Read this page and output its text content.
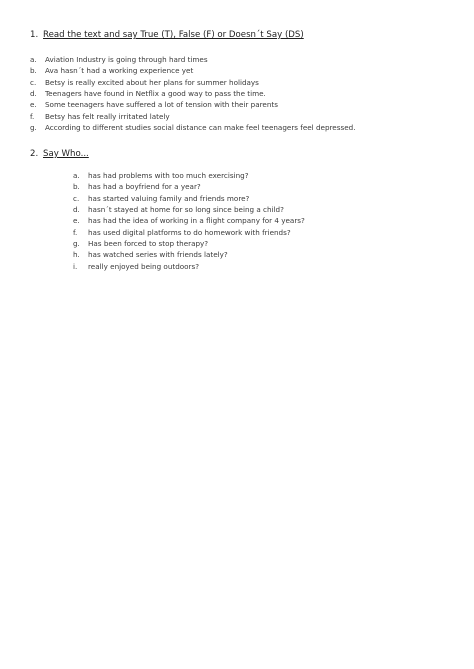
1. Read the text and say True (T), False (F) or Doesn´t Say (DS)
a. Aviation Industry is going through hard times
b. Ava hasn´t had a working experience yet
c. Betsy is really excited about her plans for summer holidays
d. Teenagers have found in Netflix a good way to pass the time.
e. Some teenagers have suffered a lot of tension with their parents
f. Betsy has felt really irritated lately
g. According to different studies social distance can make feel teenagers feel depressed.
2. Say Who...
a. has had problems with too much exercising?
b. has had a boyfriend for a year?
c. has started valuing family and friends more?
d. hasn´t stayed at home for so long since being a child?
e. has had the idea of working in a flight company for 4 years?
f. has used digital platforms to do homework with friends?
g. Has been forced to stop therapy?
h. has watched series with friends lately?
i. really enjoyed being outdoors?
